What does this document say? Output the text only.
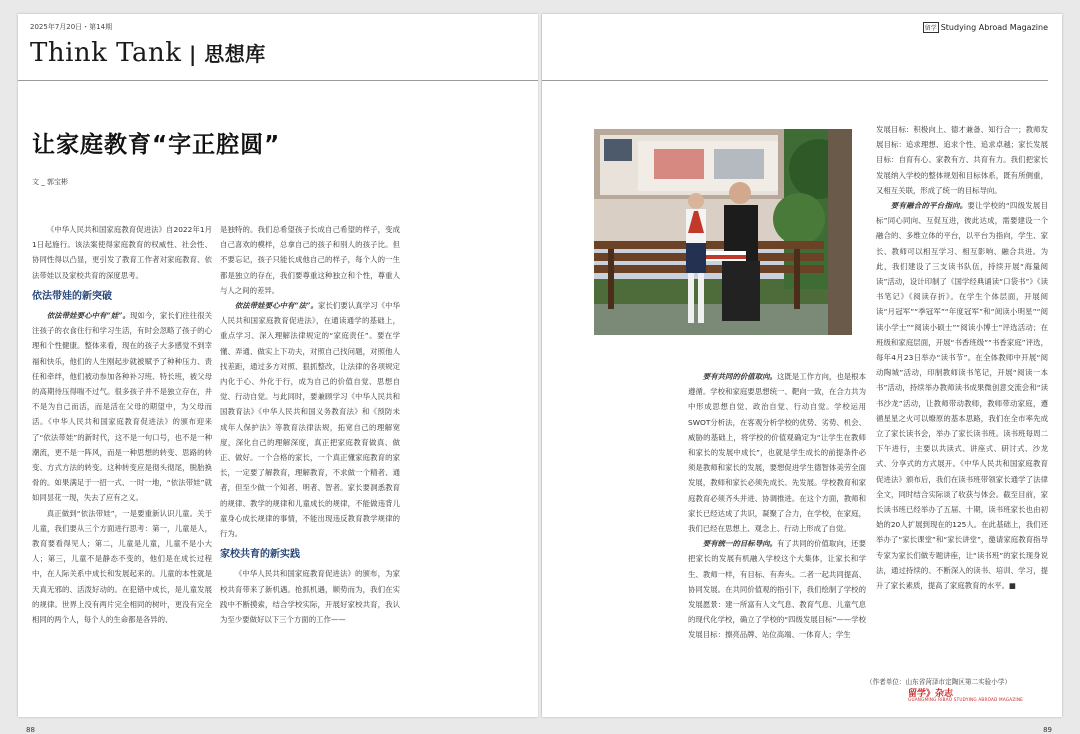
2025年7月20日・第14期
Think Tank | 思想库
让家庭教育“字正腔圆”
文 _ 郭宝彬

《中华人民共和国家庭教育促进法》自2022年1月1日起施行。该法案使得家庭教育的权威性、社会性、协同性得以凸显，更引发了教育工作者对家庭教育、依法带娃以及家校共育的深度思考。

依法带娃的新突破

依法带娃要心中有“娃”。现如今，家长们往往很关注孩子的衣食住行和学习生活，有时会忽略了孩子的心理和个性健康。整体来看，现在的孩子大多感觉不到幸福和快乐，他们的人生刚起步就被赋予了种种压力、责任和牵绊，他们被动参加各种补习班、特长班，被父母的高期待压得喘不过气。很多孩子并不是独立存在，并不是为自己而活，而是活在父母的期望中，为父母而活。《中华人民共和国家庭教育促进法》的颁布迎来了“依法带娃”的新时代，这不是一句口号，也不是一种潮流，更不是一阵风，而是一种思想的转变、思路的转变、方式方法的转变。这种转变应是彻头彻尾，脱胎换骨的。如果满足于一招一式、一时一地，“依法带娃”就如同昙花一现，失去了应有之义。

真正做到“依法带娃”，一是要重新认识儿童。关于儿童，我们要从三个方面进行思考：第一，儿童是人，教育要看得见人；第二，儿童是儿童，儿童不是小大人；第三，儿童不是静态不变的，他们是在成长过程中，在人际关系中成长和发展起来的。儿童的本性就是天真无邪的、活泼好动的。在犯错中成长，是儿童发展的规律。世界上没有两片完全相同的树叶，更没有完全相同的两个人，每个人的生命都是各异的、

是独特的。我们总希望孩子长成自己希望的样子，变成自己喜欢的模样，总拿自己的孩子和别人的孩子比。但不要忘记，孩子只能长成他自己的样子，每个人的一生都是独立的存在，我们要尊重这种独立和个性，尊重人与人之间的差异。

依法带娃要心中有“法”。家长们要认真学习《中华人民共和国家庭教育促进法》，在通读通学的基础上，重点学习、深入理解法律规定的“家庭责任”。要在学懂、弄通、做实上下功夫，对照自己找问题，对照他人找差距，通过多方对照、狠抓整改，让法律的各项规定内化于心、外化于行，成为自己的价值自觉、思想自觉、行动自觉。与此同时，要兼顾学习《中华人民共和国教育法》《中华人民共和国义务教育法》和《预防未成年人保护法》等教育法律法规，拓宽自己的理解宽度，深化自己的理解深度，真正把家庭教育做真、做正、做好。一个合格的家长，一个真正懂家庭教育的家长，一定要了解教育，理解教育，不求做一个精者、通者，但至少做一个知者、明者、智者。家长要洞悉教育的规律、教学的规律和儿童成长的规律，不能做违背儿童身心成长规律的事情，不能出现违反教育教学规律的行为。

家校共育的新实践

《中华人民共和国家庭教育促进法》的颁布，为家校共育带来了新机遇。抢抓机遇，顺势而为，我们在实践中不断摸索，结合学校实际，开展好家校共育，我认为至少要做好以下三个方面的工作——

88
留学 Studying Abroad Magazine

要有共同的价值取向。这既是工作方向，也是根本遵循。学校和家庭要思想统一、靶向一致，在合力共为中形成思想自觉、政治自觉、行动自觉。学校运用SWOT分析法，在客观分析学校的优势、劣势、机会、威胁的基础上，将学校的价值观确定为“让学生在教师和家长的发展中成长”，也就是学生成长的前提条件必须是教师和家长的发展，要想促进学生德智体美劳全面发展，教师和家长必须先成长、先发展。学校教育和家庭教育必须齐头并进、协调推进。在这个方面，教师和家长已经达成了共识，凝聚了合力，在学校，在家庭，我们已经在思想上、观念上、行动上形成了自觉。

要有统一的目标导向。有了共同的价值取向，还要把家长的发展有机融入学校这个大集体，让家长和学生、教师一样，有目标、有奔头。二者一起共同提高、协同发展。在共同价值观的指引下，我们绘制了学校的发展愿景：建一所富有人文气息、教育气息、儿童气息的现代化学校，确立了学校的“四级发展目标”——学校发展目标：擦亮品牌、站位高端、一体育人；学生

发展目标：积极向上、德才兼备、知行合一；教师发展目标：追求理想、追求个性、追求卓越；家长发展目标：自育有心、家教有方、共育有力。我们把家长发展纳入学校的整体规划和目标体系，既有所侧重，又相互关联，形成了统一的目标导向。

要有融合的平台指向。要让学校的“四级发展目标”同心同向、互促互进，彼此达成，需要建设一个融合的、多维立体的平台，以平台为指向，学生、家长、教师可以相互学习、相互影响、融合共进。为此，我们建设了三支读书队伍，持续开展“海量阅读”活动，设计印制了《国学经典诵读“口袋书”》《读书笔记》《阅读存折》。在学生个体层面，开展阅读“月冠军”“季冠军”“年度冠军”和“阅读小明星”“阅读小学士”“阅读小硕士”“阅读小博士”评选活动；在班级和家庭层面，开展“书香班级”“书香家庭”评选，每年4月23日举办“读书节”。在全体教师中开展“阅动陶城”活动，印制教师读书笔记，开展“阅读一本书”活动，持续举办教师读书成果微创意交流会和“读书沙龙”活动，让教师带动教师，教师带动家庭，遵循星星之火可以燎原的基本思路，我们在全市率先成立了家长读书会，举办了家长读书班。读书班每周二下午进行，主要以共读式、讲座式、研讨式、沙龙式、分享式的方式展开。《中华人民共和国家庭教育促进法》颁布后，我们在读书班带领家长通学了法律全文，同时结合实际谈了收获与体会。截至目前，家长读书班已经举办了五届、十期，读书班家长也由初始的20人扩展到现在的125人。在此基础上，我们还举办了“家长课堂”和“家长讲堂”，邀请家庭教育指导专家为家长们做专题讲座，让“读书班”的家长现身说法，通过持续的、不断深入的读书、培训、学习，提升了家长素质，提高了家庭教育的水平。■

（作者单位：山东省菏泽市定陶区第二实验小学）
留学》杂志
GUANGMING RIBAO STUDYING ABROAD MAGAZINE
89
